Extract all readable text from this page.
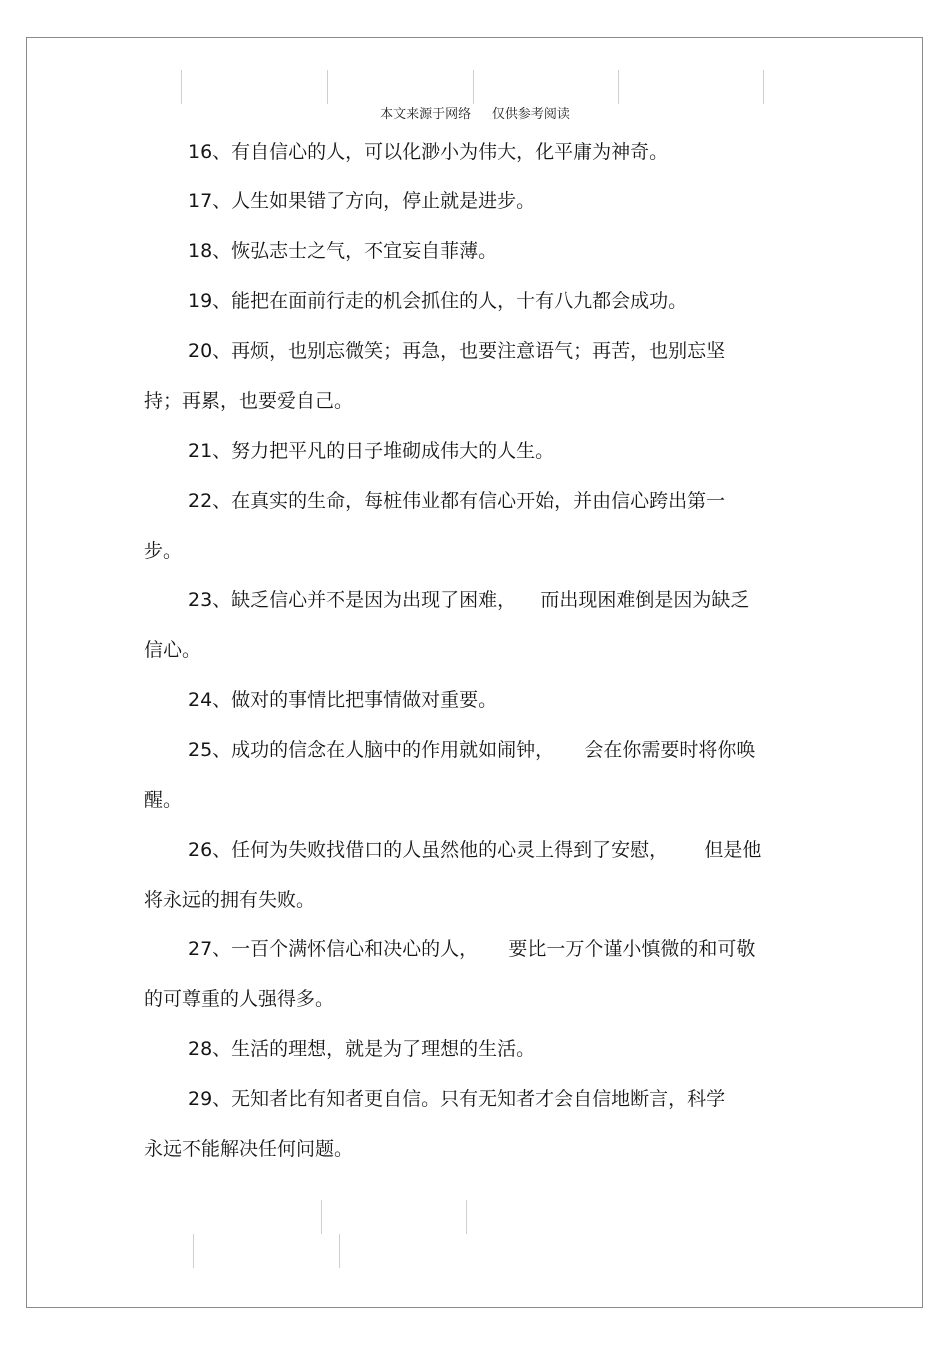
本文来源于网络     仅供参考阅读
16、有自信心的人，可以化渺小为伟大，化平庸为神奇。
17、人生如果错了方向，停止就是进步。
18、恢弘志士之气，不宜妄自菲薄。
19、能把在面前行走的机会抓住的人，十有八九都会成功。
20、再烦，也别忘微笑；再急，也要注意语气；再苦，也别忘坚
持；再累，也要爱自己。
21、努力把平凡的日子堆砌成伟大的人生。
22、在真实的生命，每桩伟业都有信心开始，并由信心跨出第一
步。
23、缺乏信心并不是因为出现了困难，    而出现困难倒是因为缺乏
信心。
24、做对的事情比把事情做对重要。
25、成功的信念在人脑中的作用就如闹钟，     会在你需要时将你唤
醒。
26、任何为失败找借口的人虽然他的心灵上得到了安慰，      但是他
将永远的拥有失败。
27、一百个满怀信心和决心的人，     要比一万个谨小慎微的和可敬
的可尊重的人强得多。
28、生活的理想，就是为了理想的生活。
29、无知者比有知者更自信。只有无知者才会自信地断言，科学
永远不能解决任何问题。
